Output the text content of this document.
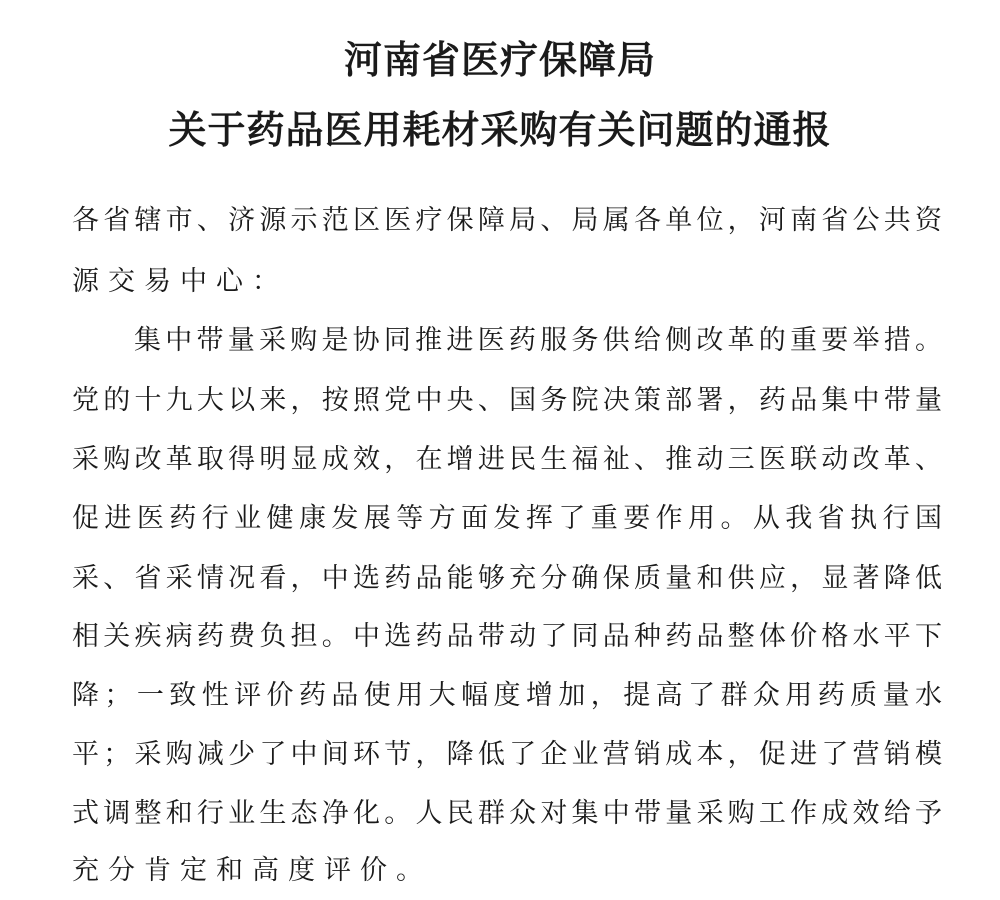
河南省医疗保障局
关于药品医用耗材采购有关问题的通报
各省辖市、济源示范区医疗保障局、局属各单位，河南省公共资
源交易中心：
集中带量采购是协同推进医药服务供给侧改革的重要举措。
党的十九大以来，按照党中央、国务院决策部署，药品集中带量
采购改革取得明显成效，在增进民生福祉、推动三医联动改革、
促进医药行业健康发展等方面发挥了重要作用。从我省执行国
采、省采情况看，中选药品能够充分确保质量和供应，显著降低
相关疾病药费负担。中选药品带动了同品种药品整体价格水平下
降；一致性评价药品使用大幅度增加，提高了群众用药质量水
平；采购减少了中间环节，降低了企业营销成本，促进了营销模
式调整和行业生态净化。人民群众对集中带量采购工作成效给予
充分肯定和高度评价。
